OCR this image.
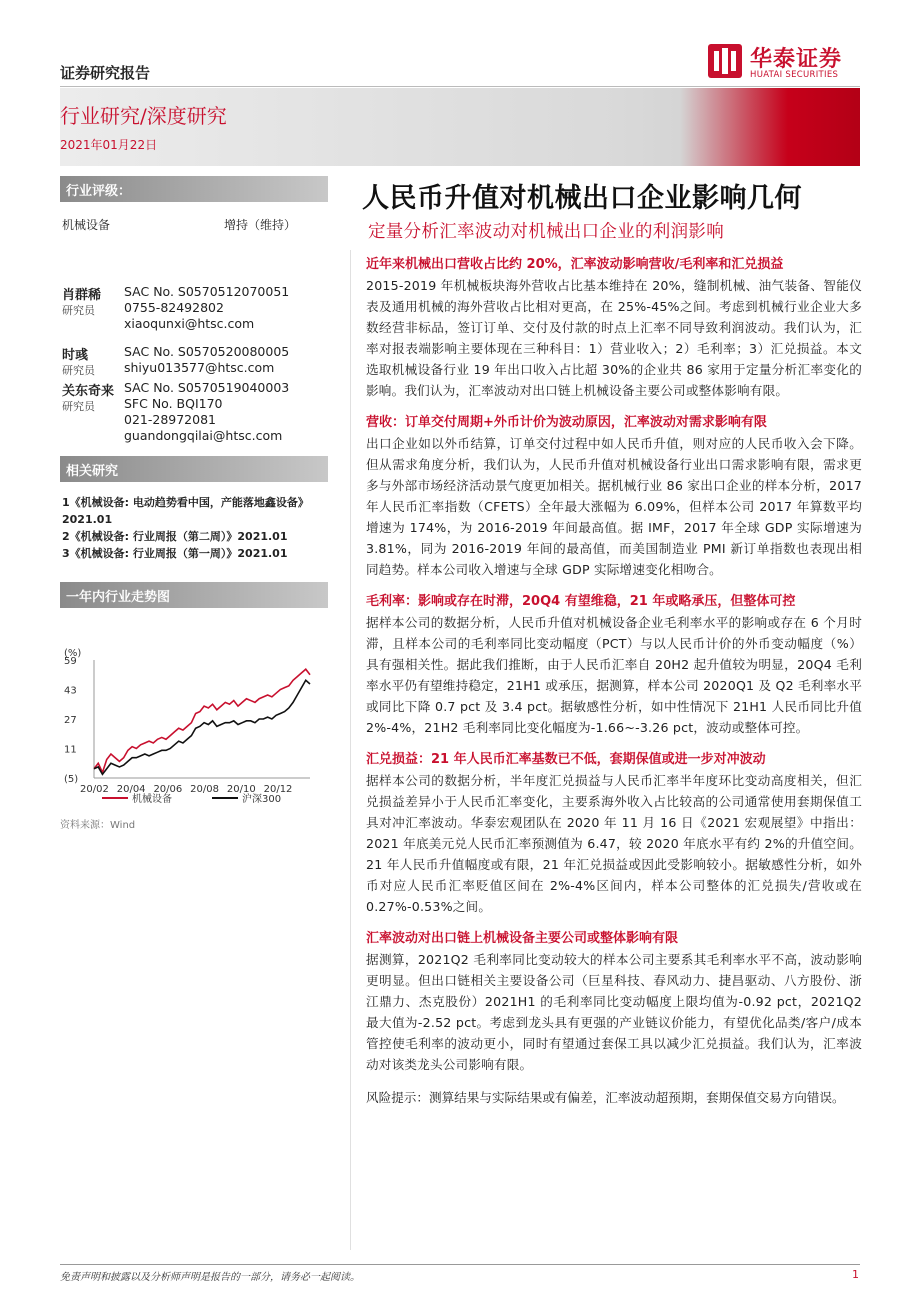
证券研究报告
华泰证券
HUATAI SECURITIES
行业研究/深度研究
2021年01月22日
行业评级：
机械设备	增持（维持）
肖群稀
研究员
SAC No. S0570512070051
0755-82492802
xiaoqunxi@htsc.com
时彧
研究员
SAC No. S0570520080005
shiyu013577@htsc.com
关东奇来
研究员
SAC No. S0570519040003
SFC No. BQI170
021-28972081
guandongqilai@htsc.com
相关研究
1《机械设备: 电动趋势看中国，产能落地鑫设备》
2021.01
2《机械设备: 行业周报（第二周）》2021.01
3《机械设备: 行业周报（第一周）》2021.01
一年内行业走势图
(%)
59
43
27
11
(5)
20/02 20/04 20/06 20/08 20/10 20/12
机械设备	沪深300
资料来源：Wind
人民币升值对机械出口企业影响几何
定量分析汇率波动对机械出口企业的利润影响
近年来机械出口营收占比约 20%，汇率波动影响营收/毛利率和汇兑损益
2015-2019 年机械板块海外营收占比基本维持在 20%，缝制机械、油气装备、智能仪表及通用机械的海外营收占比相对更高，在 25%-45%之间。考虑到机械行业企业大多数经营非标品，签订订单、交付及付款的时点上汇率不同导致利润波动。我们认为，汇率对报表端影响主要体现在三种科目：1）营业收入；2）毛利率；3）汇兑损益。本文选取机械设备行业 19 年出口收入占比超 30%的企业共 86 家用于定量分析汇率变化的影响。我们认为，汇率波动对出口链上机械设备主要公司或整体影响有限。
营收：订单交付周期+外币计价为波动原因，汇率波动对需求影响有限
出口企业如以外币结算，订单交付过程中如人民币升值，则对应的人民币收入会下降。但从需求角度分析，我们认为，人民币升值对机械设备行业出口需求影响有限，需求更多与外部市场经济活动景气度更加相关。据机械行业 86 家出口企业的样本分析，2017 年人民币汇率指数（CFETS）全年最大涨幅为 6.09%，但样本公司 2017 年算数平均增速为 174%，为 2016-2019 年间最高值。据 IMF，2017 年全球 GDP 实际增速为 3.81%，同为 2016-2019 年间的最高值，而美国制造业 PMI 新订单指数也表现出相同趋势。样本公司收入增速与全球 GDP 实际增速变化相吻合。
毛利率：影响或存在时滞，20Q4 有望维稳，21 年或略承压，但整体可控
据样本公司的数据分析，人民币升值对机械设备企业毛利率水平的影响或存在 6 个月时滞，且样本公司的毛利率同比变动幅度（PCT）与以人民币计价的外币变动幅度（%）具有强相关性。据此我们推断，由于人民币汇率自 20H2 起升值较为明显，20Q4 毛利率水平仍有望维持稳定，21H1 或承压，据测算，样本公司 2020Q1 及 Q2 毛利率水平或同比下降 0.7 pct 及 3.4 pct。据敏感性分析，如中性情况下 21H1 人民币同比升值 2%-4%，21H2 毛利率同比变化幅度为-1.66~-3.26 pct，波动或整体可控。
汇兑损益：21 年人民币汇率基数已不低，套期保值或进一步对冲波动
据样本公司的数据分析，半年度汇兑损益与人民币汇率半年度环比变动高度相关，但汇兑损益差异小于人民币汇率变化，主要系海外收入占比较高的公司通常使用套期保值工具对冲汇率波动。华泰宏观团队在 2020 年 11 月 16 日《2021 宏观展望》中指出：2021 年底美元兑人民币汇率预测值为 6.47，较 2020 年底水平有约 2%的升值空间。21 年人民币升值幅度或有限，21 年汇兑损益或因此受影响较小。据敏感性分析，如外币对应人民币汇率贬值区间在 2%-4%区间内，样本公司整体的汇兑损失/营收或在 0.27%-0.53%之间。
汇率波动对出口链上机械设备主要公司或整体影响有限
据测算，2021Q2 毛利率同比变动较大的样本公司主要系其毛利率水平不高，波动影响更明显。但出口链相关主要设备公司（巨星科技、春风动力、捷昌驱动、八方股份、浙江鼎力、杰克股份）2021H1 的毛利率同比变动幅度上限均值为-0.92 pct，2021Q2 最大值为-2.52 pct。考虑到龙头具有更强的产业链议价能力，有望优化品类/客户/成本管控使毛利率的波动更小，同时有望通过套保工具以减少汇兑损益。我们认为，汇率波动对该类龙头公司影响有限。
风险提示：测算结果与实际结果或有偏差，汇率波动超预期，套期保值交易方向错误。
免责声明和披露以及分析师声明是报告的一部分，请务必一起阅读。	1
